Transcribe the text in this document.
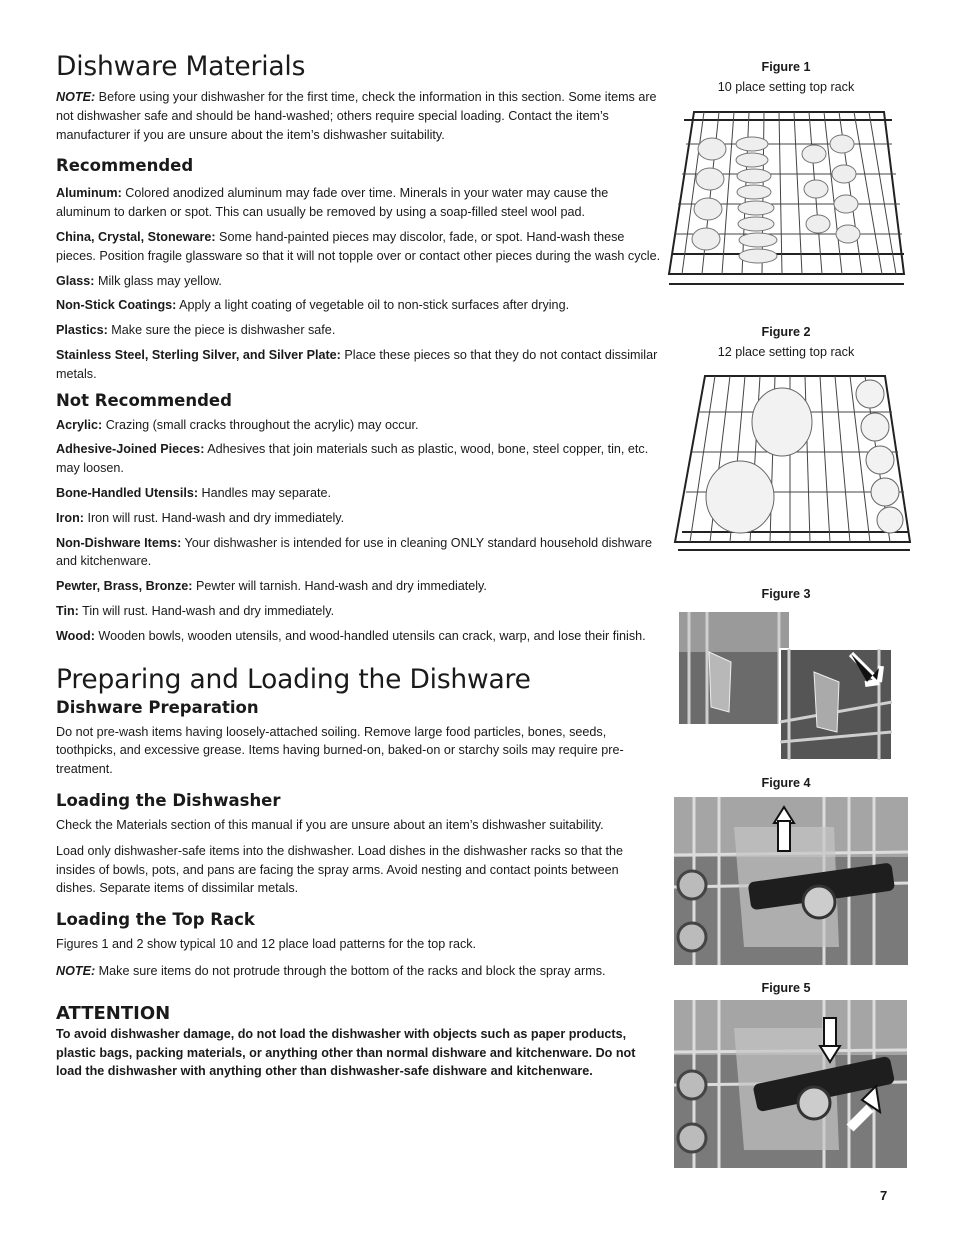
Dishware Materials

NOTE: Before using your dishwasher for the first time, check the information in this section. Some items are not dishwasher safe and should be hand-washed; others require special loading. Contact the item’s manufacturer if you are unsure about the item’s dishwasher suitability.

Recommended

Aluminum: Colored anodized aluminum may fade over time. Minerals in your water may cause the aluminum to darken or spot. This can usually be removed by using a soap-filled steel wool pad.

China, Crystal, Stoneware: Some hand-painted pieces may discolor, fade, or spot. Hand-wash these pieces. Position fragile glassware so that it will not topple over or contact other pieces during the wash cycle.

Glass: Milk glass may yellow.

Non-Stick Coatings: Apply a light coating of vegetable oil to non-stick surfaces after drying.

Plastics: Make sure the piece is dishwasher safe.

Stainless Steel, Sterling Silver, and Silver Plate: Place these pieces so that they do not contact dissimilar metals.

Not Recommended

Acrylic: Crazing (small cracks throughout the acrylic) may occur.

Adhesive-Joined Pieces: Adhesives that join materials such as plastic, wood, bone, steel copper, tin, etc. may loosen.

Bone-Handled Utensils: Handles may separate.

Iron: Iron will rust. Hand-wash and dry immediately.

Non-Dishware Items: Your dishwasher is intended for use in cleaning ONLY standard household dishware and kitchenware.

Pewter, Brass, Bronze: Pewter will tarnish. Hand-wash and dry immediately.

Tin: Tin will rust. Hand-wash and dry immediately.

Wood: Wooden bowls, wooden utensils, and wood-handled utensils can crack, warp, and lose their finish.

Preparing and Loading the Dishware
Dishware Preparation

Do not pre-wash items having loosely-attached soiling. Remove large food particles, bones, seeds, toothpicks, and excessive grease. Items having burned-on, baked-on or starchy soils may require pre-treatment.

Loading the Dishwasher

Check the Materials section of this manual if you are unsure about an item’s dishwasher suitability.

Load only dishwasher-safe items into the dishwasher. Load dishes in the dishwasher racks so that the insides of bowls, pots, and pans are facing the spray arms. Avoid nesting and contact points between dishes. Separate items of dissimilar metals.

Loading the Top Rack

Figures 1 and 2 show typical 10 and 12 place load patterns for the top rack.

NOTE: Make sure items do not protrude through the bottom of the racks and block the spray arms.

ATTENTION

To avoid dishwasher damage, do not load the dishwasher with objects such as paper products, plastic bags, packing materials, or anything other than normal dishware and kitchenware. Do not load the dishwasher with anything other than dishwasher-safe dishware and kitchenware.

Figure 1
10 place setting top rack
Figure 2
12 place setting top rack
Figure 3
Figure 4
Figure 5
7
